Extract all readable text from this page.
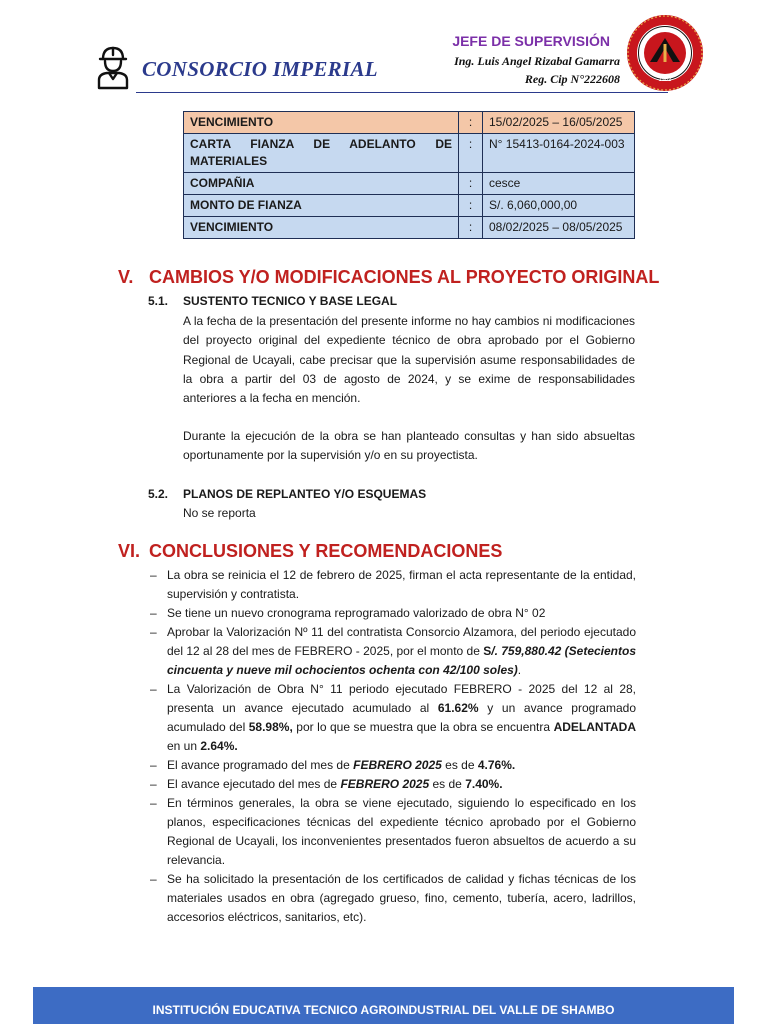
CONSORCIO IMPERIAL
JEFE DE SUPERVISIÓN
Ing. Luis Angel Rizabal Gamarra
Reg. Cip N°222608	1962
VENCIMIENTO	:	15/02/2025 – 16/05/2025

CARTA FIANZA DE ADELANTO DE
MATERIALES	:	N° 15413-0164-2024-003
COMPAÑIA	:	cesce
MONTO DE FIANZA	:	S/. 6,060,000,00
VENCIMIENTO	:	08/02/2025 – 08/05/2025
V. CAMBIOS Y/O MODIFICACIONES AL PROYECTO ORIGINAL
5.1. SUSTENTO TECNICO Y BASE LEGAL

A la fecha de la presentación del presente informe no hay cambios ni modificaciones del proyecto original del expediente técnico de obra aprobado por el Gobierno Regional de Ucayali, cabe precisar que la supervisión asume responsabilidades de la obra a partir del 03 de agosto de 2024, y se exime de responsabilidades anteriores a la fecha en mención.

Durante la ejecución de la obra se han planteado consultas y han sido absueltas oportunamente por la supervisión y/o en su proyectista.

5.2. PLANOS DE REPLANTEO Y/O ESQUEMAS

No se reporta

VI. CONCLUSIONES Y RECOMENDACIONES
– La obra se reinicia el 12 de febrero de 2025, firman el acta representante de la entidad, supervisión y contratista.
– Se tiene un nuevo cronograma reprogramado valorizado de obra N° 02
– Aprobar la Valorización Nº 11 del contratista Consorcio Alzamora, del periodo ejecutado del 12 al 28 del mes de FEBRERO - 2025, por el monto de S/. 759,880.42 (Setecientos cincuenta y nueve mil ochocientos ochenta con 42/100 soles).
– La Valorización de Obra N° 11 periodo ejecutado FEBRERO - 2025 del 12 al 28, presenta un avance ejecutado acumulado al 61.62% y un avance programado acumulado del 58.98%, por lo que se muestra que la obra se encuentra ADELANTADA en un 2.64%.
– El avance programado del mes de FEBRERO 2025 es de 4.76%.
– El avance ejecutado del mes de FEBRERO 2025 es de 7.40%.
– En términos generales, la obra se viene ejecutado, siguiendo lo especificado en los planos, especificaciones técnicas del expediente técnico aprobado por el Gobierno Regional de Ucayali, los inconvenientes presentados fueron absueltos de acuerdo a su relevancia.
– Se ha solicitado la presentación de los certificados de calidad y fichas técnicas de los materiales usados en obra (agregado grueso, fino, cemento, tubería, acero, ladrillos, accesorios eléctricos, sanitarios, etc).
INSTITUCIÓN EDUCATIVA TECNICO AGROINDUSTRIAL DEL VALLE DE SHAMBO
